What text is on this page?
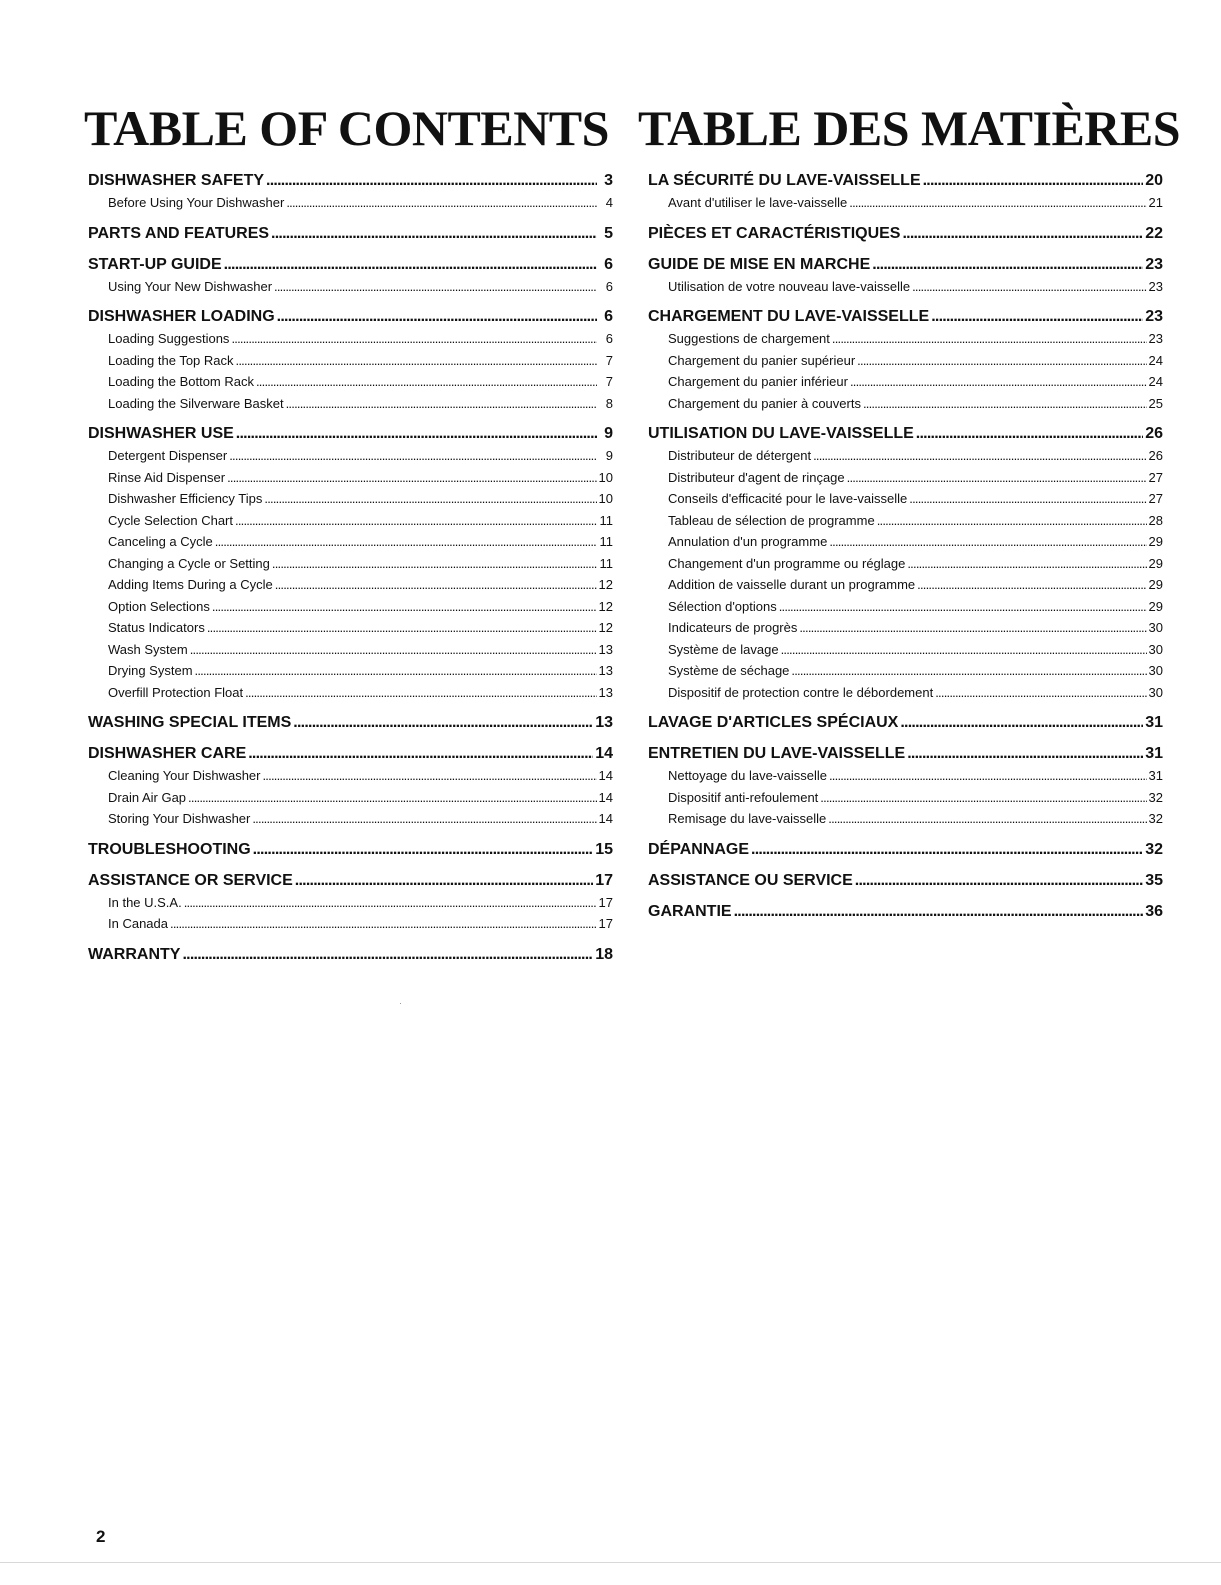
TABLE OF CONTENTS
DISHWASHER SAFETY . . .	3
Before Using Your Dishwasher . . .	4
PARTS AND FEATURES . . .	5
START-UP GUIDE . . .	6
Using Your New Dishwasher . . .	6
DISHWASHER LOADING . . .	6
Loading Suggestions . . .	6
Loading the Top Rack . . .	7
Loading the Bottom Rack . . .	7
Loading the Silverware Basket . . .	8
DISHWASHER USE . . .	9
Detergent Dispenser . . .	9
Rinse Aid Dispenser . . .	10
Dishwasher Efficiency Tips . . .	10
Cycle Selection Chart . . .	11
Canceling a Cycle . . .	11
Changing a Cycle or Setting . . .	11
Adding Items During a Cycle . . .	12
Option Selections . . .	12
Status Indicators . . .	12
Wash System . . .	13
Drying System . . .	13
Overfill Protection Float . . .	13
WASHING SPECIAL ITEMS . . .	13
DISHWASHER CARE . . .	14
Cleaning Your Dishwasher . . .	14
Drain Air Gap . . .	14
Storing Your Dishwasher . . .	14
TROUBLESHOOTING . . .	15
ASSISTANCE OR SERVICE . . .	17
In the U.S.A. . . .	17
In Canada . . .	17
WARRANTY . . .	18
TABLE DES MATIÈRES
LA SÉCURITÉ DU LAVE-VAISSELLE . . .	20
Avant d'utiliser le lave-vaisselle . . .	21
PIÈCES ET CARACTÉRISTIQUES . . .	22
GUIDE DE MISE EN MARCHE . . .	23
Utilisation de votre nouveau lave-vaisselle . . .	23
CHARGEMENT DU LAVE-VAISSELLE . . .	23
Suggestions de chargement . . .	23
Chargement du panier supérieur . . .	24
Chargement du panier inférieur . . .	24
Chargement du panier à couverts . . .	25
UTILISATION DU LAVE-VAISSELLE . . .	26
Distributeur de détergent . . .	26
Distributeur d'agent de rinçage . . .	27
Conseils d'efficacité pour le lave-vaisselle . . .	27
Tableau de sélection de programme . . .	28
Annulation d'un programme . . .	29
Changement d'un programme ou réglage . . .	29
Addition de vaisselle durant un programme . . .	29
Sélection d'options . . .	29
Indicateurs de progrès . . .	30
Système de lavage . . .	30
Système de séchage . . .	30
Dispositif de protection contre le débordement . . .	30
LAVAGE D'ARTICLES SPÉCIAUX . . .	31
ENTRETIEN DU LAVE-VAISSELLE . . .	31
Nettoyage du lave-vaisselle . . .	31
Dispositif anti-refoulement . . .	32
Remisage du lave-vaisselle . . .	32
DÉPANNAGE . . .	32
ASSISTANCE OU SERVICE . . .	35
GARANTIE . . .	36
2
